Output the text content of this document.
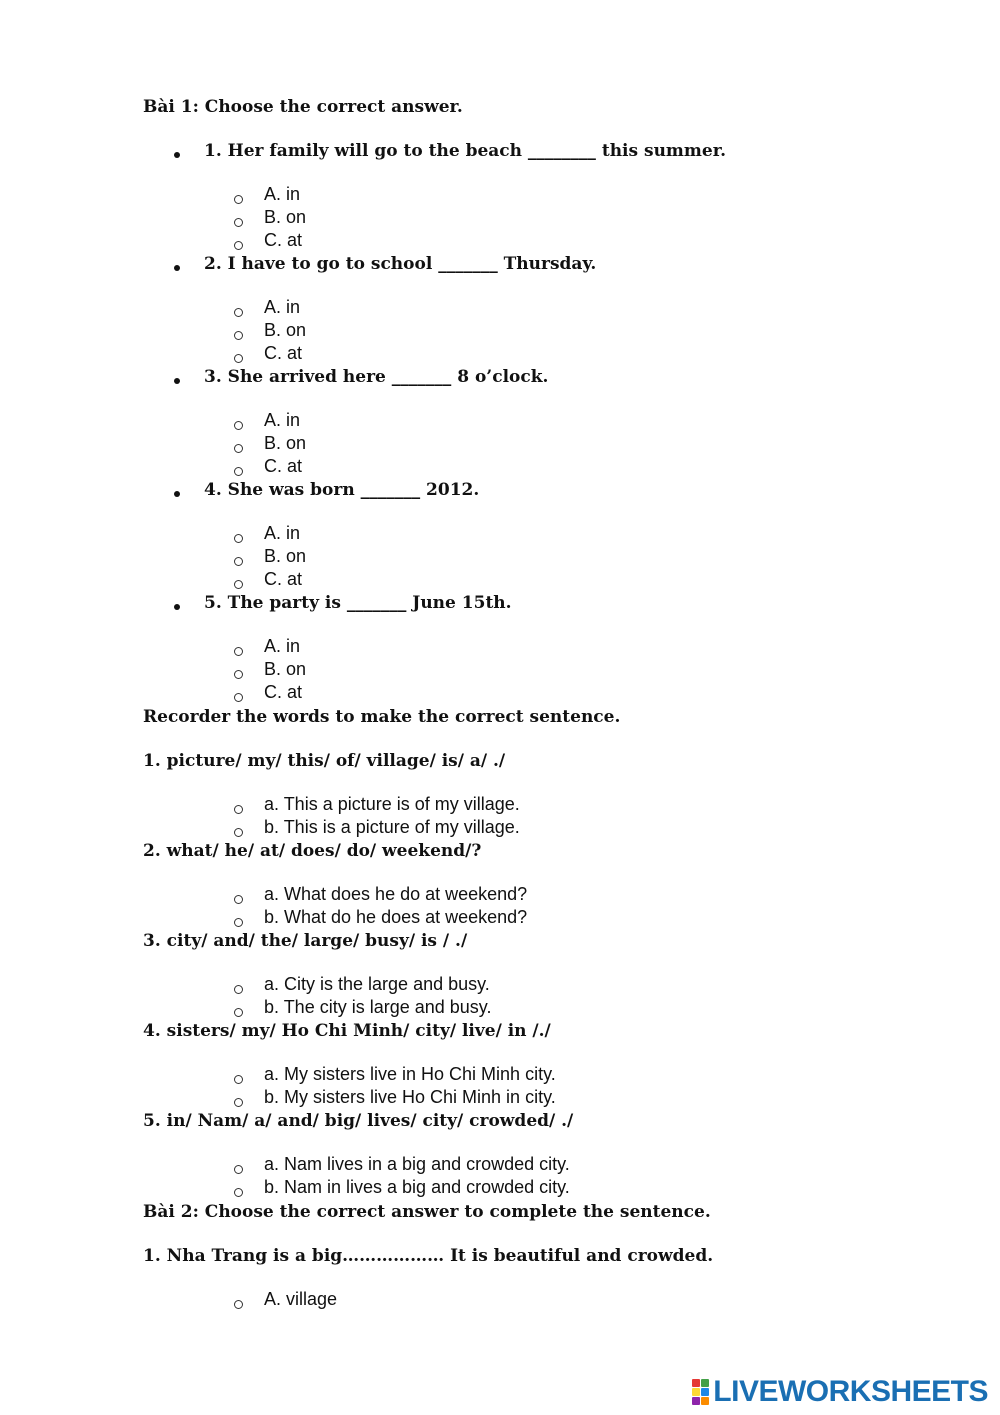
Bài 1: Choose the correct answer.
1. Her family will go to the beach ________ this summer.
A. in
B. on
C. at
2. I have to go to school _______ Thursday.
A. in
B. on
C. at
3. She arrived here _______ 8 o’clock.
A. in
B. on
C. at
4. She was born _______ 2012.
A. in
B. on
C. at
5. The party is _______ June 15th.
A. in
B. on
C. at
Recorder the words to make the correct sentence.
1. picture/ my/ this/ of/ village/ is/ a/ ./
a. This a picture is of my village.
b. This is a picture of my village.
2. what/ he/ at/ does/ do/ weekend/?
a. What does he do at weekend?
b. What do he does at weekend?
3. city/ and/ the/ large/ busy/ is / ./
a. City is the large and busy.
b. The city is large and busy.
4. sisters/ my/ Ho Chi Minh/ city/ live/ in /./
a. My sisters live in Ho Chi Minh city.
b. My sisters live Ho Chi Minh in city.
5. in/ Nam/ a/ and/ big/ lives/ city/ crowded/ ./
a. Nam lives in a big and crowded city.
b. Nam in lives a big and crowded city.
Bài 2: Choose the correct answer to complete the sentence.
1. Nha Trang is a big……………… It is beautiful and crowded.
A. village
LIVEWORKSHEETS
